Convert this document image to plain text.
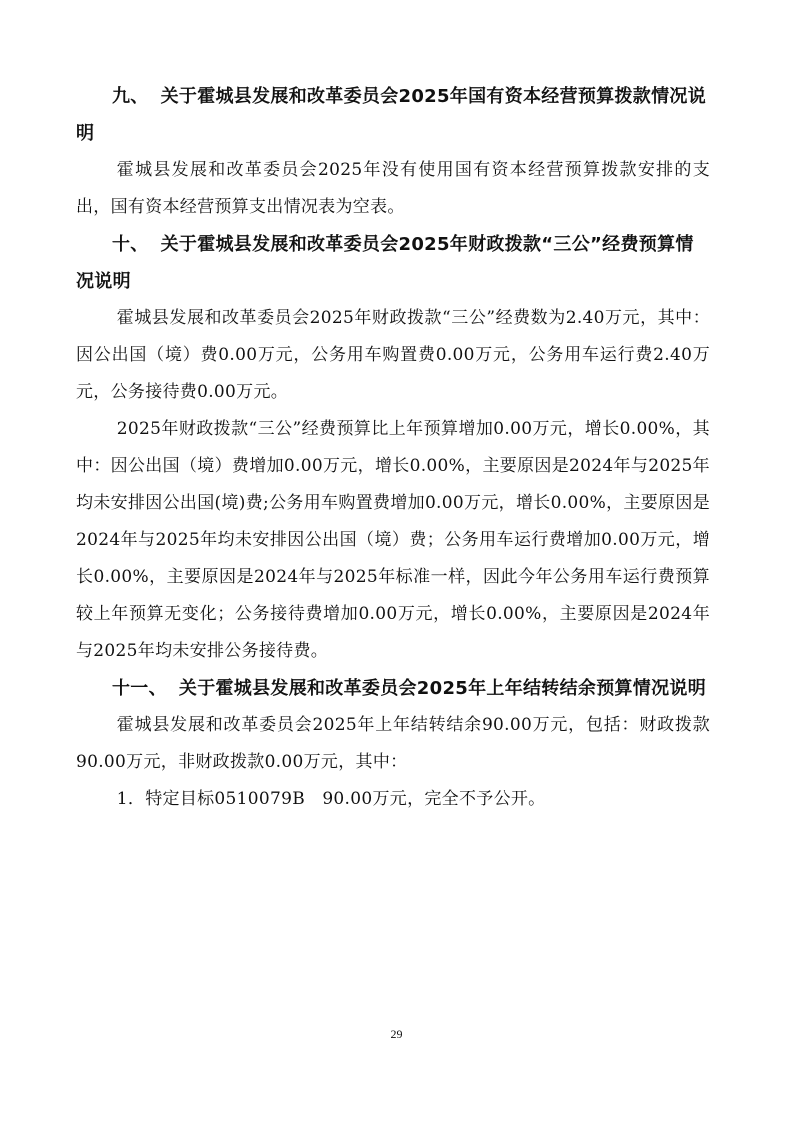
九、 关于霍城县发展和改革委员会2025年国有资本经营预算拨款情况说明

霍城县发展和改革委员会2025年没有使用国有资本经营预算拨款安排的支出，国有资本经营预算支出情况表为空表。

十、 关于霍城县发展和改革委员会2025年财政拨款“三公”经费预算情况说明

霍城县发展和改革委员会2025年财政拨款“三公”经费数为2.40万元，其中：因公出国（境）费0.00万元，公务用车购置费0.00万元，公务用车运行费2.40万元，公务接待费0.00万元。

2025年财政拨款“三公”经费预算比上年预算增加0.00万元，增长0.00%，其中：因公出国（境）费增加0.00万元，增长0.00%，主要原因是2024年与2025年均未安排因公出国(境)费;公务用车购置费增加0.00万元，增长0.00%，主要原因是2024年与2025年均未安排因公出国（境）费；公务用车运行费增加0.00万元，增长0.00%，主要原因是2024年与2025年标准一样，因此今年公务用车运行费预算较上年预算无变化；公务接待费增加0.00万元，增长0.00%，主要原因是2024年与2025年均未安排公务接待费。

十一、 关于霍城县发展和改革委员会2025年上年结转结余预算情况说明

霍城县发展和改革委员会2025年上年结转结余90.00万元，包括：财政拨款90.00万元，非财政拨款0.00万元，其中：

1．特定目标0510079B　90.00万元，完全不予公开。

29
